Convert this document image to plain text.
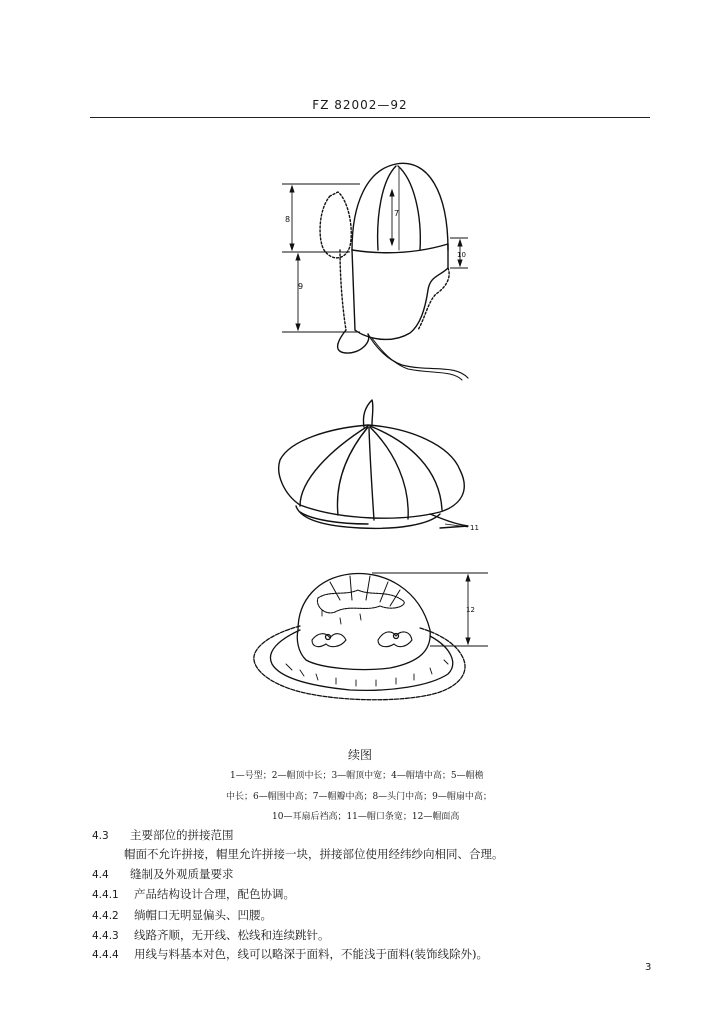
FZ 82002—92
8
9
7
10
11
12
续图
1—号型；2—帽顶中长；3—帽顶中宽；4—帽墙中高；5—帽檐
中长；6—帽围中高；7—帽瓣中高；8—头门中高；9—帽扇中高；
10—耳扇后裆高；11—帽口条宽；12—帽面高
4.3 主要部位的拼接范围
帽面不允许拼接，帽里允许拼接一块，拼接部位使用经纬纱向相同、合理。
4.4 缝制及外观质量要求
4.4.1 产品结构设计合理，配色协调。
4.4.2 绱帽口无明显偏头、凹腰。
4.4.3 线路齐顺，无开线、松线和连续跳针。
4.4.4 用线与料基本对色，线可以略深于面料，不能浅于面料(装饰线除外)。
3
